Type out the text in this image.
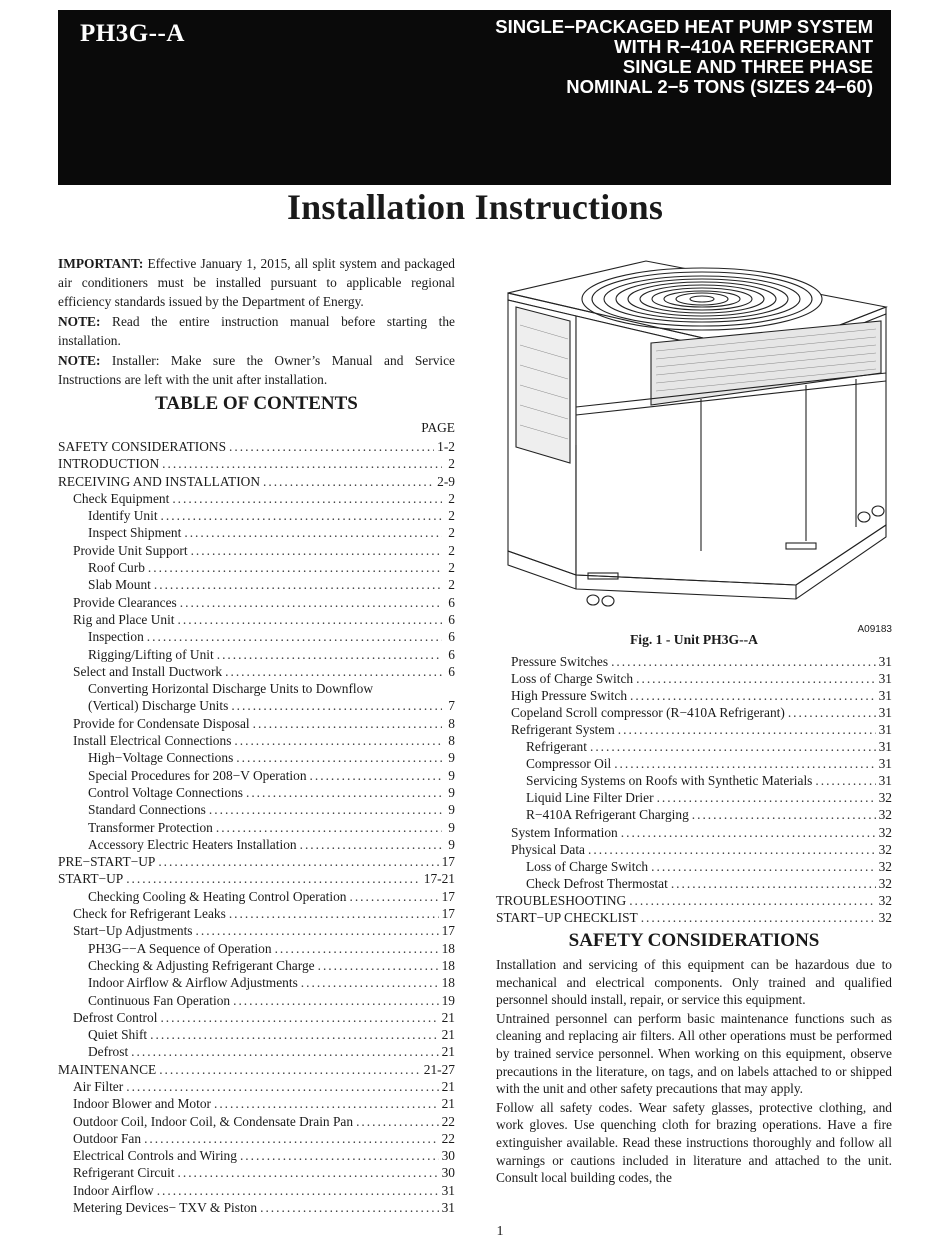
PH3G--A	SINGLE−PACKAGED HEAT PUMP SYSTEM
WITH R−410A REFRIGERANT
SINGLE AND THREE PHASE
NOMINAL 2−5 TONS (SIZES 24−60)
Installation Instructions

IMPORTANT: Effective January 1, 2015, all split system and packaged air conditioners must be installed pursuant to applicable regional efficiency standards issued by the Department of Energy.

NOTE: Read the entire instruction manual before starting the installation.

NOTE: Installer: Make sure the Owner’s Manual and Service Instructions are left with the unit after installation.

TABLE OF CONTENTS
PAGE
SAFETY CONSIDERATIONS .....	1-2
INTRODUCTION .....	2
RECEIVING AND INSTALLATION .....	2-9
Check Equipment .....	2
Identify Unit .....	2
Inspect Shipment .....	2
Provide Unit Support .....	2
Roof Curb .....	2
Slab Mount .....	2
Provide Clearances .....	6
Rig and Place Unit .....	6
Inspection .....	6
Rigging/Lifting of Unit .....	6
Select and Install Ductwork .....	6
Converting Horizontal Discharge Units to Downflow
(Vertical) Discharge Units .....	7
Provide for Condensate Disposal .....	8
Install Electrical Connections .....	8
High−Voltage Connections .....	9
Special Procedures for 208−V Operation .....	9
Control Voltage Connections .....	9
Standard Connections .....	9
Transformer Protection .....	9
Accessory Electric Heaters Installation .....	9
PRE−START−UP .....	17
START−UP .....	17-21
Checking Cooling & Heating Control Operation .....	17
Check for Refrigerant Leaks .....	17
Start−Up Adjustments .....	17
PH3G−−A Sequence of Operation .....	18
Checking & Adjusting Refrigerant Charge .....	18
Indoor Airflow & Airflow Adjustments .....	18
Continuous Fan Operation .....	19
Defrost Control .....	21
Quiet Shift .....	21
Defrost .....	21
MAINTENANCE .....	21-27
Air Filter .....	21
Indoor Blower and Motor .....	21
Outdoor Coil, Indoor Coil, & Condensate Drain Pan .....	22
Outdoor Fan .....	22
Electrical Controls and Wiring .....	30
Refrigerant Circuit .....	30
Indoor Airflow .....	31
Metering Devices− TXV & Piston .....	31
A09183
Fig. 1 - Unit PH3G--A
Pressure Switches .....	31
Loss of Charge Switch .....	31
High Pressure Switch .....	31
Copeland Scroll compressor (R−410A Refrigerant) .....	31
Refrigerant System .....	31
Refrigerant .....	31
Compressor Oil .....	31
Servicing Systems on Roofs with Synthetic Materials .....	31
Liquid Line Filter Drier .....	32
R−410A Refrigerant Charging .....	32
System Information .....	32
Physical Data .....	32
Loss of Charge Switch .....	32
Check Defrost Thermostat .....	32
TROUBLESHOOTING .....	32
START−UP CHECKLIST .....	32
SAFETY CONSIDERATIONS

Installation and servicing of this equipment can be hazardous due to mechanical and electrical components. Only trained and qualified personnel should install, repair, or service this equipment.

Untrained personnel can perform basic maintenance functions such as cleaning and replacing air filters. All other operations must be performed by trained service personnel. When working on this equipment, observe precautions in the literature, on tags, and on labels attached to or shipped with the unit and other safety precautions that may apply.

Follow all safety codes. Wear safety glasses, protective clothing, and work gloves. Use quenching cloth for brazing operations. Have a fire extinguisher available. Read these instructions thoroughly and follow all warnings or cautions included in literature and attached to the unit. Consult local building codes, the

1
